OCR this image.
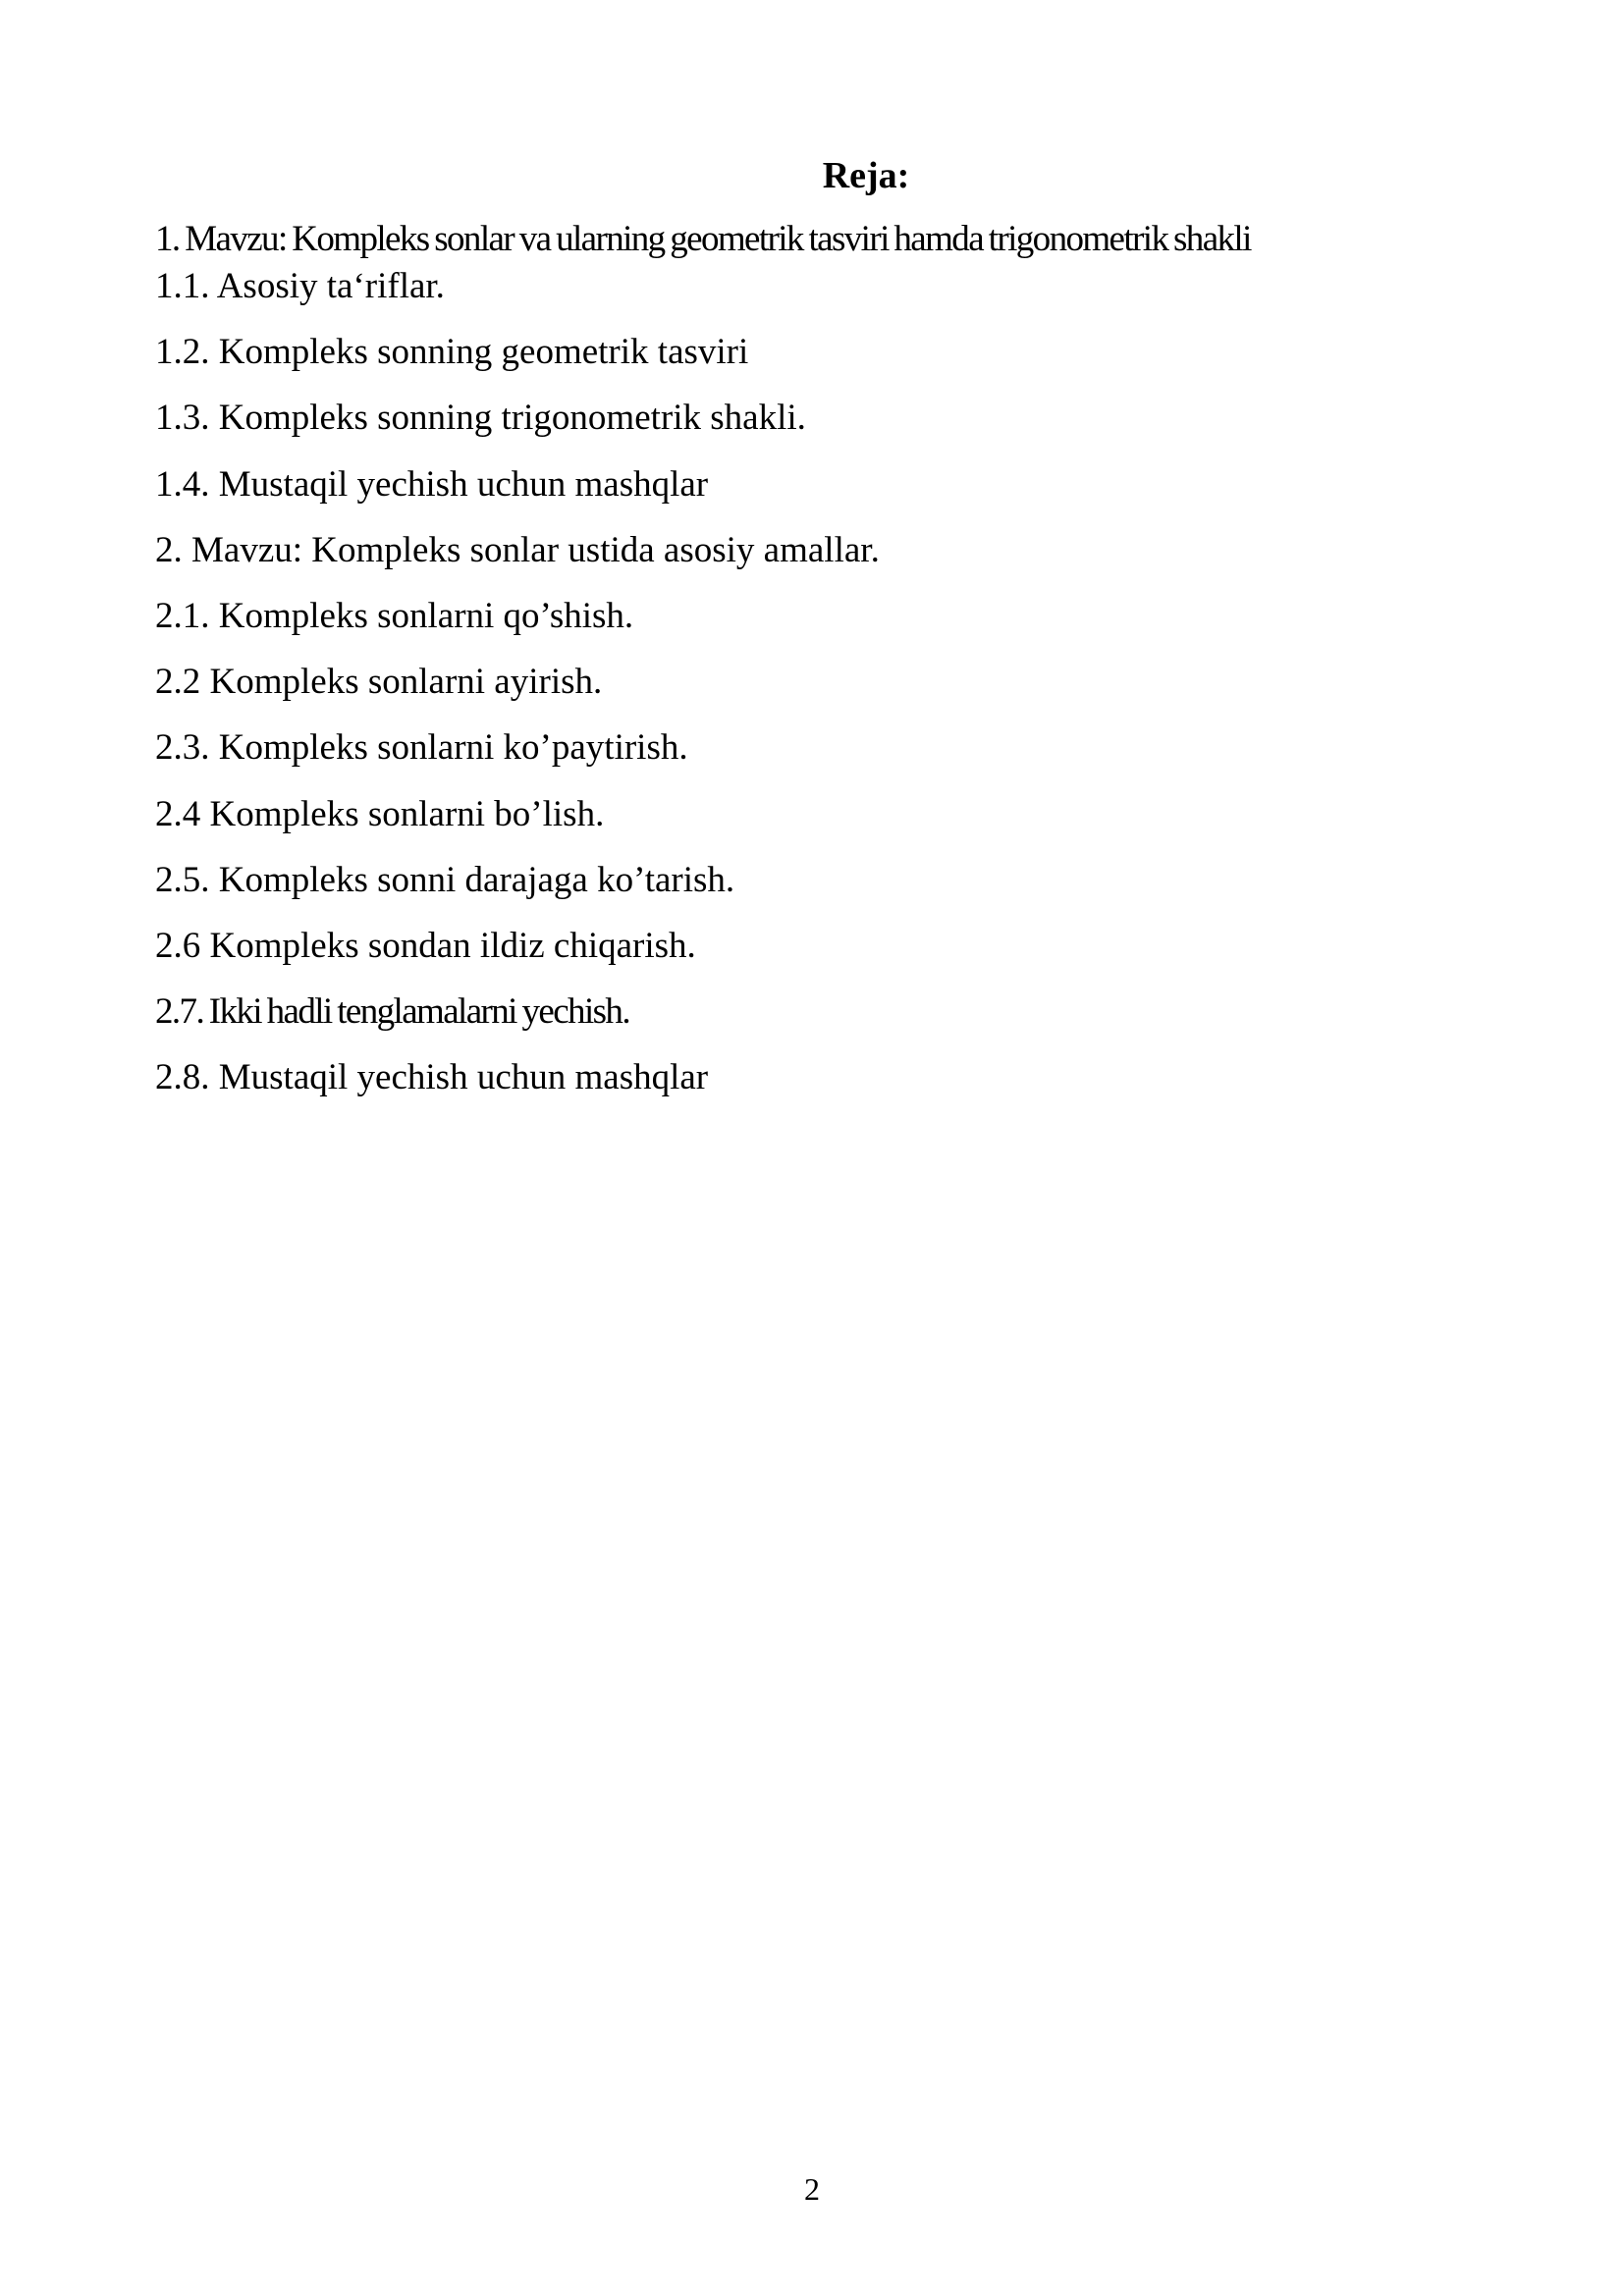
Reja:
1. Mavzu: Kompleks sonlar va ularning geometrik tasviri hamda trigonometrik shakli
1.1. Asosiy ta‘riflar.
1.2. Kompleks sonning geometrik tasviri
1.3. Kompleks sonning trigonometrik shakli.
1.4. Mustaqil yechish uchun mashqlar
2. Mavzu: Kompleks sonlar ustida asosiy amallar.
2.1. Kompleks sonlarni qo’shish.
2.2 Kompleks sonlarni ayirish.
2.3. Kompleks sonlarni ko’paytirish.
2.4 Kompleks sonlarni bo’lish.
2.5. Kompleks sonni darajaga ko’tarish.
2.6 Kompleks sondan ildiz chiqarish.
2.7. Ikki hadli tenglamalarni yechish.
2.8. Mustaqil yechish uchun mashqlar
2
